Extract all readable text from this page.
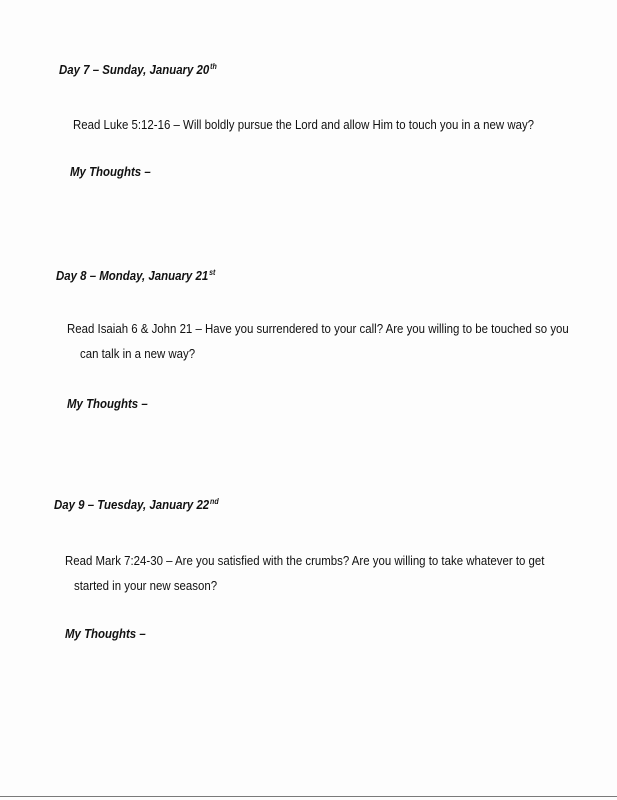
Day 7 – Sunday, January 20th
Read Luke 5:12-16 – Will boldly pursue the Lord and allow Him to touch you in a new way?
My Thoughts –
Day 8 – Monday, January 21st
Read Isaiah 6 & John 21 – Have you surrendered to your call? Are you willing to be touched so you
can talk in a new way?
My Thoughts –
Day 9 – Tuesday, January 22nd
Read Mark 7:24-30 – Are you satisfied with the crumbs? Are you willing to take whatever to get
started in your new season?
My Thoughts –
